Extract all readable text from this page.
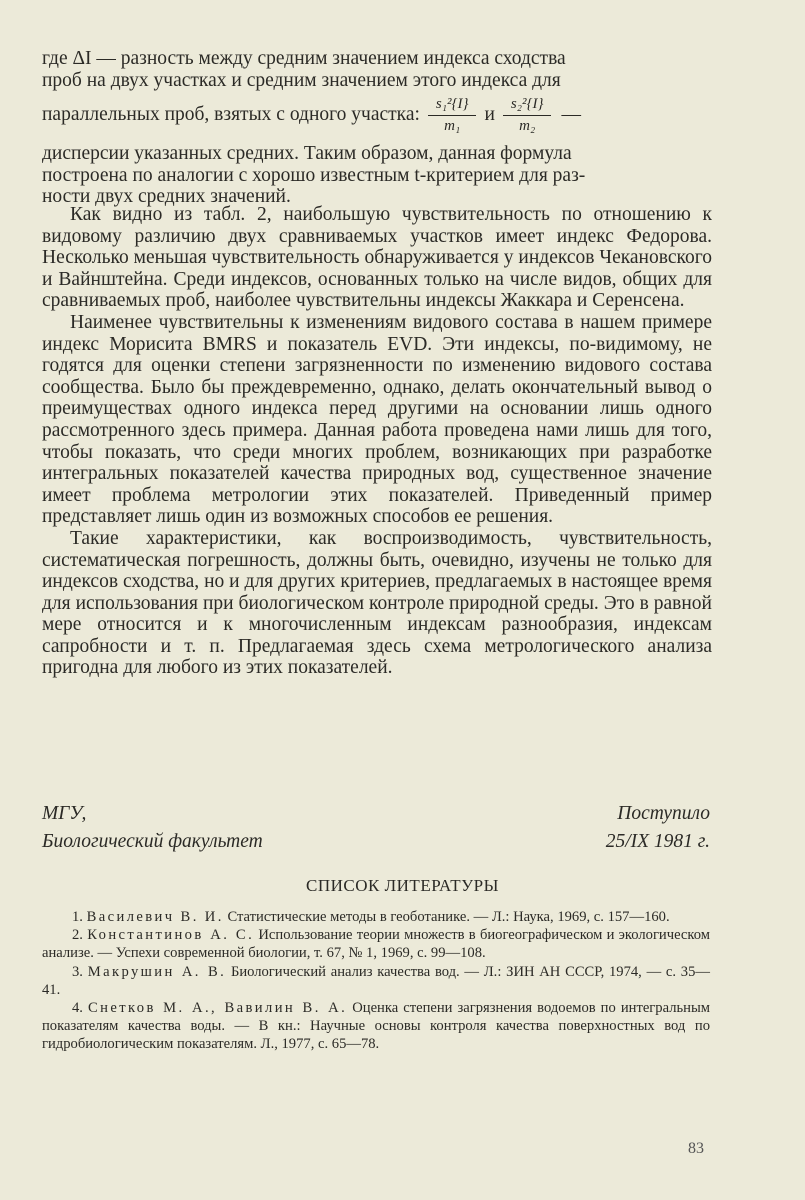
где ΔI — разность между средним значением индекса сходства

проб на двух участках и средним значением этого индекса для

параллельных проб, взятых с одного участка: $\frac{\text{s₁²\{I\}}}{\text{m₁}}$ и $\frac{\text{s₂²\{I\}}}{\text{m₂}}$ —

дисперсии указанных средних. Таким образом, данная формула

построена по аналогии с хорошо известным t-критерием для раз-

ности двух средних значений.

Как видно из табл. 2, наибольшую чувствительность по отношению к видовому различию двух сравниваемых участков имеет индекс Федорова. Несколько меньшая чувствительность обнаруживается у индексов Чекановского и Вайнштейна. Среди индексов, основанных только на числе видов, общих для сравниваемых проб, наиболее чувствительны индексы Жаккара и Серенсена.

Наименее чувствительны к изменениям видового состава в нашем примере индекс Морисита BMRS и показатель EVD. Эти индексы, по-видимому, не годятся для оценки степени загрязненности по изменению видового состава сообщества. Было бы преждевременно, однако, делать окончательный вывод о преимуществах одного индекса перед другими на основании лишь одного рассмотренного здесь примера. Данная работа проведена нами лишь для того, чтобы показать, что среди многих проблем, возникающих при разработке интегральных показателей качества природных вод, существенное значение имеет проблема метрологии этих показателей. Приведенный пример представляет лишь один из возможных способов ее решения.

Такие характеристики, как воспроизводимость, чувствительность, систематическая погрешность, должны быть, очевидно, изучены не только для индексов сходства, но и для других критериев, предлагаемых в настоящее время для использования при биологическом контроле природной среды. Это в равной мере относится и к многочисленным индексам разнообразия, индексам сапробности и т. п. Предлагаемая здесь схема метрологического анализа пригодна для любого из этих показателей.

МГУ,	Поступило
Биологический факультет	25/IX 1981 г.
СПИСОК ЛИТЕРАТУРЫ

1. Василевич В. И. Статистические методы в геоботанике. — Л.: Наука, 1969, с. 157—160.

2. Константинов А. С. Использование теории множеств в биогеографическом и экологическом анализе. — Успехи современной биологии, т. 67, № 1, 1969, с. 99—108.

3. Макрушин А. В. Биологический анализ качества вод. — Л.: ЗИН АН СССР, 1974, — с. 35—41.

4. Снетков М. А., Вавилин В. А. Оценка степени загрязнения водоемов по интегральным показателям качества воды. — В кн.: Научные основы контроля качества поверхностных вод по гидробиологическим показателям. Л., 1977, с. 65—78.

83
